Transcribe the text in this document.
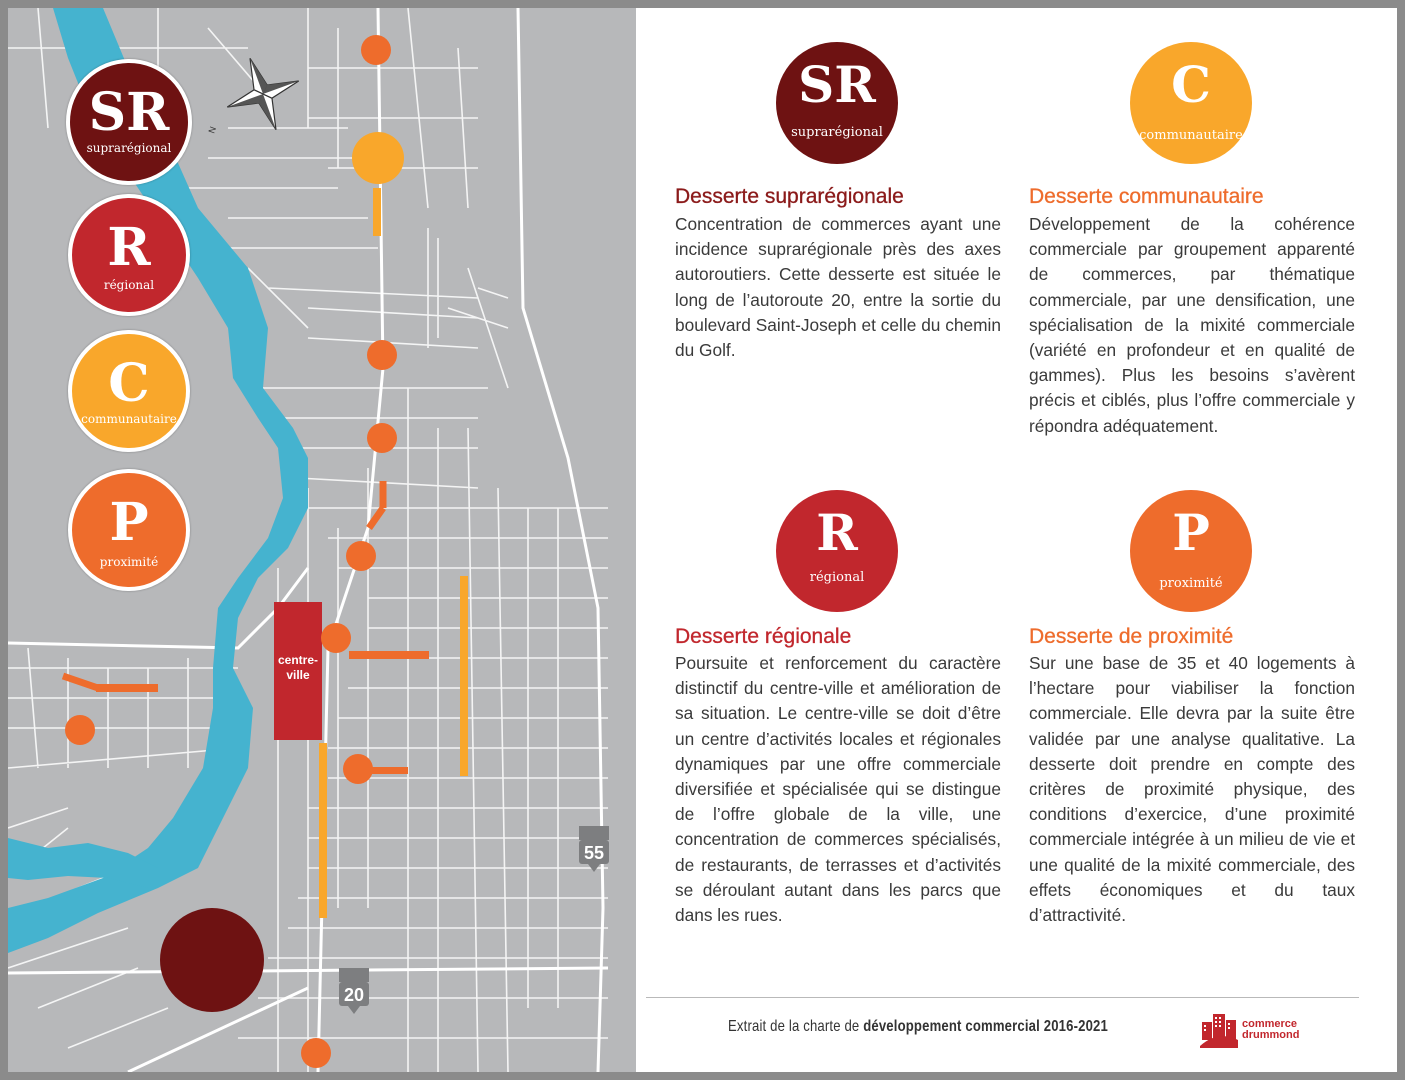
N
55
20
centre-
ville
SR
suprarégional
R
régional
C
communautaire
P
proximité
SR
suprarégional
Desserte suprarégionale
Concentration de commerces ayant une incidence suprarégionale près des axes autoroutiers. Cette desserte est située le long de l’autoroute 20, entre la sortie du boulevard Saint-Joseph et celle du chemin du Golf.
C
communautaire
Desserte communautaire
Développement de la cohérence commerciale par groupement apparenté de commerces, par thématique commerciale, par une densification, une spécialisation de la mixité commerciale (variété en profondeur et en qualité de gammes). Plus les besoins s’avèrent précis et ciblés, plus l’offre commerciale y répondra adéquatement.
R
régional
Desserte régionale
Poursuite et renforcement du caractère distinctif du centre-ville et amélioration de sa situation. Le centre-ville se doit d’être un centre d’activités locales et régionales dynamiques par une offre commerciale diversifiée et spécialisée qui se distingue de l’offre globale de la ville, une concentration de commerces spécialisés, de restaurants, de terrasses et d’activités se déroulant autant dans les parcs que dans les rues.
P
proximité
Desserte de proximité
Sur une base de 35 et 40 logements à l’hectare pour viabiliser la fonction commerciale. Elle devra par la suite être validée par une analyse qualitative. La desserte doit prendre en compte des critères de proximité physique, des conditions d’exercice, d’une proximité commerciale intégrée à un milieu de vie et une qualité de la mixité commerciale, des effets économiques et du taux d’attractivité.
Extrait de la charte de développement commercial 2016-2021	commerce
drummond
